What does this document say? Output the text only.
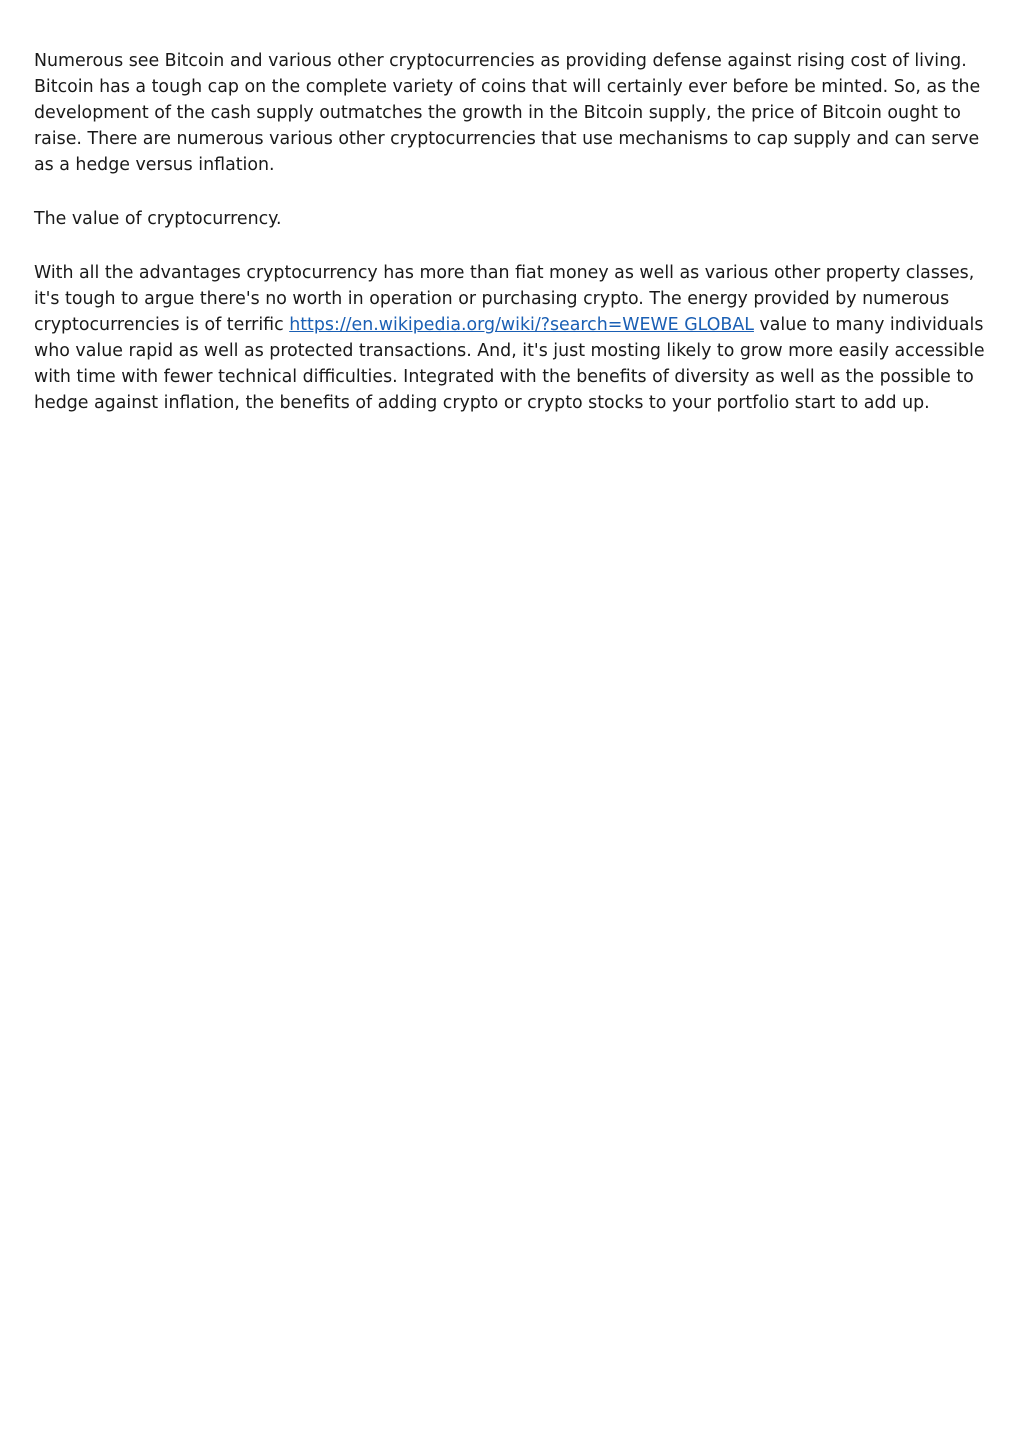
Numerous see Bitcoin and various other cryptocurrencies as providing defense against rising cost of living. Bitcoin has a tough cap on the complete variety of coins that will certainly ever before be minted. So, as the development of the cash supply outmatches the growth in the Bitcoin supply, the price of Bitcoin ought to raise. There are numerous various other cryptocurrencies that use mechanisms to cap supply and can serve as a hedge versus inflation.

The value of cryptocurrency.

With all the advantages cryptocurrency has more than fiat money as well as various other property classes, it's tough to argue there's no worth in operation or purchasing crypto. The energy provided by numerous cryptocurrencies is of terrific https://en.wikipedia.org/wiki/?search=WEWE GLOBAL value to many individuals who value rapid as well as protected transactions. And, it's just mosting likely to grow more easily accessible with time with fewer technical difficulties. Integrated with the benefits of diversity as well as the possible to hedge against inflation, the benefits of adding crypto or crypto stocks to your portfolio start to add up.
